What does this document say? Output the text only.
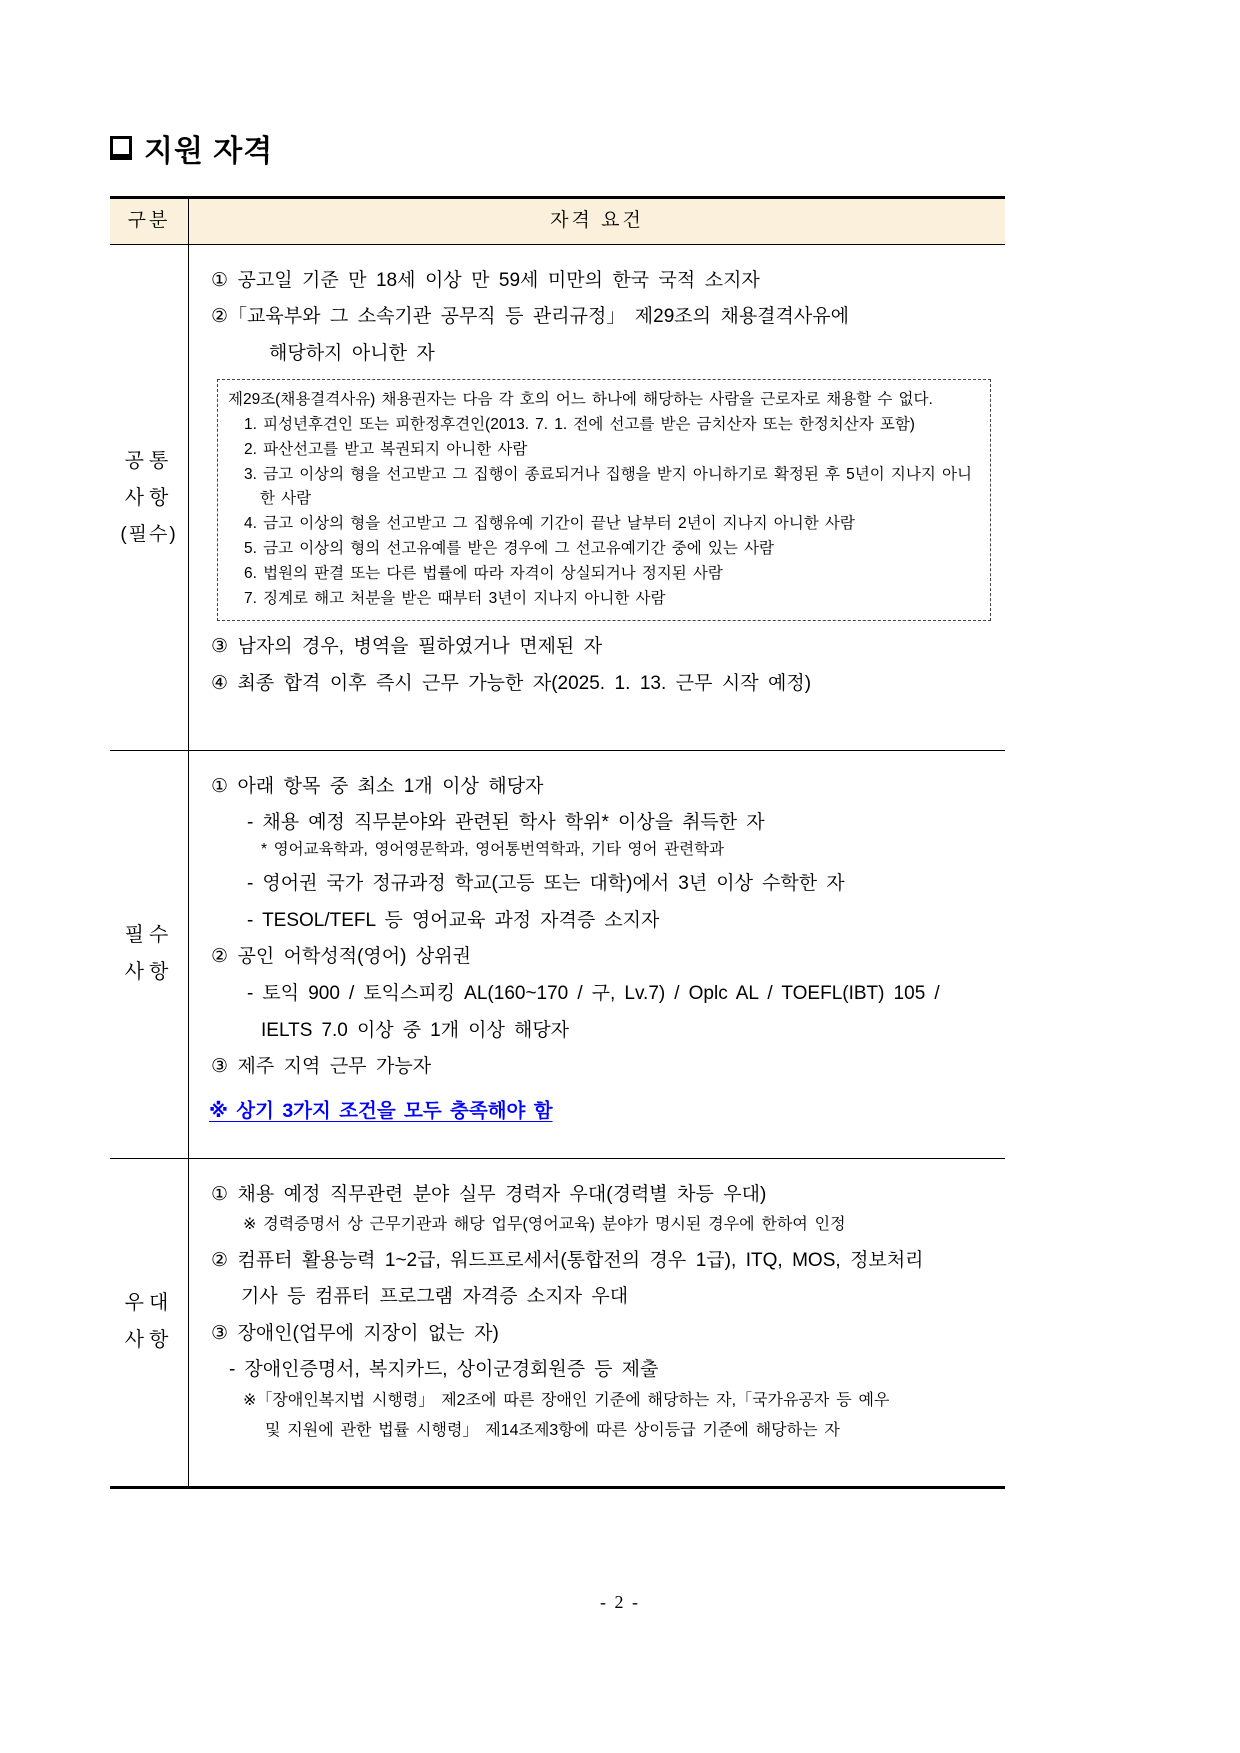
지원 자격
구분	자격 요건
공통
사항
(필수)

① 공고일 기준 만 18세 이상 만 59세 미만의 한국 국적 소지자

②「교육부와 그 소속기관 공무직 등 관리규정」 제29조의 채용결격사유에

해당하지 아니한 자

제29조(채용결격사유) 채용권자는 다음 각 호의 어느 하나에 해당하는 사람을 근로자로 채용할 수 없다.

1. 피성년후견인 또는 피한정후견인(2013. 7. 1. 전에 선고를 받은 금치산자 또는 한정치산자 포함)

2. 파산선고를 받고 복권되지 아니한 사람

3. 금고 이상의 형을 선고받고 그 집행이 종료되거나 집행을 받지 아니하기로 확정된 후 5년이 지나지 아니한 사람

4. 금고 이상의 형을 선고받고 그 집행유예 기간이 끝난 날부터 2년이 지나지 아니한 사람

5. 금고 이상의 형의 선고유예를 받은 경우에 그 선고유예기간 중에 있는 사람

6. 법원의 판결 또는 다른 법률에 따라 자격이 상실되거나 정지된 사람

7. 징계로 해고 처분을 받은 때부터 3년이 지나지 아니한 사람

③ 남자의 경우, 병역을 필하였거나 면제된 자

④ 최종 합격 이후 즉시 근무 가능한 자(2025. 1. 13. 근무 시작 예정)

필수
사항

① 아래 항목 중 최소 1개 이상 해당자

- 채용 예정 직무분야와 관련된 학사 학위* 이상을 취득한 자

* 영어교육학과, 영어영문학과, 영어통번역학과, 기타 영어 관련학과

- 영어권 국가 정규과정 학교(고등 또는 대학)에서 3년 이상 수학한 자

- TESOL/TEFL 등 영어교육 과정 자격증 소지자

② 공인 어학성적(영어) 상위권

- 토익 900 / 토익스피킹 AL(160~170 / 구, Lv.7) / Oplc AL / TOEFL(IBT) 105 /

IELTS 7.0 이상 중 1개 이상 해당자

③ 제주 지역 근무 가능자

※ 상기 3가지 조건을 모두 충족해야 함

우대
사항

① 채용 예정 직무관련 분야 실무 경력자 우대(경력별 차등 우대)

※ 경력증명서 상 근무기관과 해당 업무(영어교육) 분야가 명시된 경우에 한하여 인정

② 컴퓨터 활용능력 1~2급, 워드프로세서(통합전의 경우 1급), ITQ, MOS, 정보처리

기사 등 컴퓨터 프로그램 자격증 소지자 우대

③ 장애인(업무에 지장이 없는 자)

- 장애인증명서, 복지카드, 상이군경회원증 등 제출

※「장애인복지법 시행령」 제2조에 따른 장애인 기준에 해당하는 자,「국가유공자 등 예우

및 지원에 관한 법률 시행령」 제14조제3항에 따른 상이등급 기준에 해당하는 자

- 2 -
